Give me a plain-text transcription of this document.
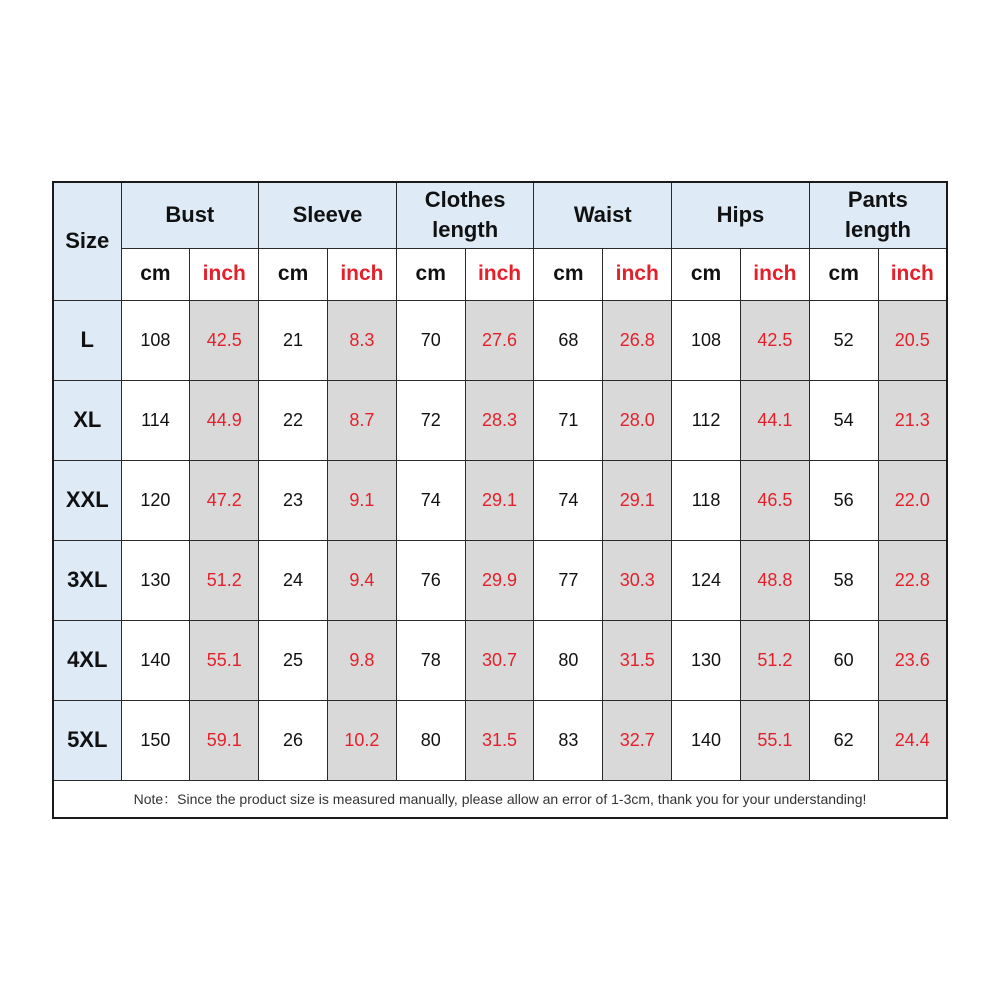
Size	Bust		Sleeve		Clothes length		Waist		Hips		Pants length	
	cm	inch	cm	inch	cm	inch	cm	inch	cm	inch	cm	inch
L	108	42.5	21	8.3	70	27.6	68	26.8	108	42.5	52	20.5
XL	114	44.9	22	8.7	72	28.3	71	28.0	112	44.1	54	21.3
XXL	120	47.2	23	9.1	74	29.1	74	29.1	118	46.5	56	22.0
3XL	130	51.2	24	9.4	76	29.9	77	30.3	124	48.8	58	22.8
4XL	140	55.1	25	9.8	78	30.7	80	31.5	130	51.2	60	23.6
5XL	150	59.1	26	10.2	80	31.5	83	32.7	140	55.1	62	24.4
Note：Since the product size is measured manually, please allow an error of 1-3cm, thank you for your understanding!												
